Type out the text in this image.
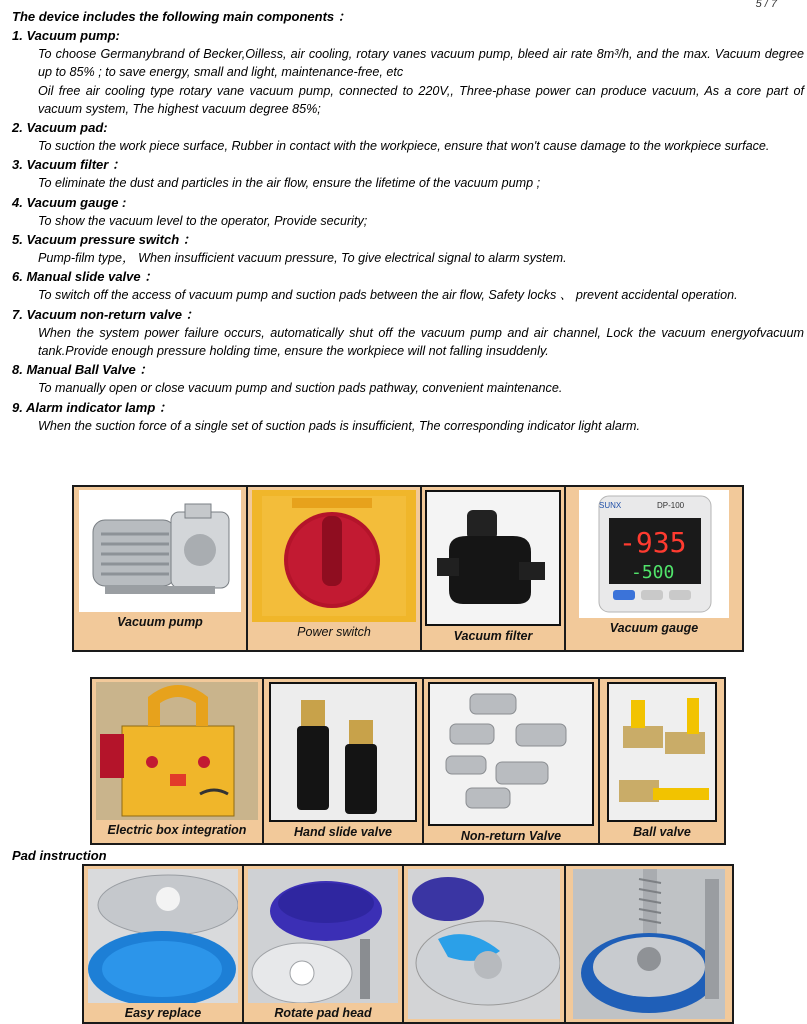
5 / 7
The device includes the following main components ：
1. Vacuum pump:
To choose Germanybrand of Becker,Oilless, air cooling, rotary vanes vacuum pump, bleed air rate 8m³/h, and the max. Vacuum degree up to 85% ; to save energy, small and light, maintenance-free, etc
Oil free air cooling type rotary vane vacuum pump, connected to 220V,, Three-phase power can produce vacuum, As a core part of vacuum system, The highest vacuum degree 85%;
2. Vacuum pad:
To suction the work piece surface, Rubber in contact with the workpiece, ensure that won't cause damage to the workpiece surface.
3. Vacuum filter ：
To eliminate the dust and particles in the air flow, ensure the lifetime of the vacuum pump ;
4. Vacuum gauge :
To show the vacuum level to the operator, Provide security;
5. Vacuum pressure switch ：
Pump-film type， When insufficient vacuum pressure, To give electrical signal to alarm system.
6. Manual slide valve ：
To switch off the access of vacuum pump and suction pads between the air flow, Safety locks 、 prevent accidental operation.
7. Vacuum non-return valve ：
When the system power failure occurs, automatically shut off the vacuum pump and air channel, Lock the vacuum energyofvacuum tank.Provide enough pressure holding time, ensure the workpiece will not falling insuddenly.
8. Manual Ball Valve ：
To manually open or close vacuum pump and suction pads pathway, convenient maintenance.
9. Alarm indicator lamp ：
When the suction force of a single set of suction pads is insufficient, The corresponding indicator light alarm.
Vacuum pump
Power switch	Vacuum filter
SUNX	DP-100
-935
-500
Vacuum gauge
Electric box integration	Hand slide valve	Non-return Valve	Ball valve
Pad instruction
Easy replace	Rotate pad head
